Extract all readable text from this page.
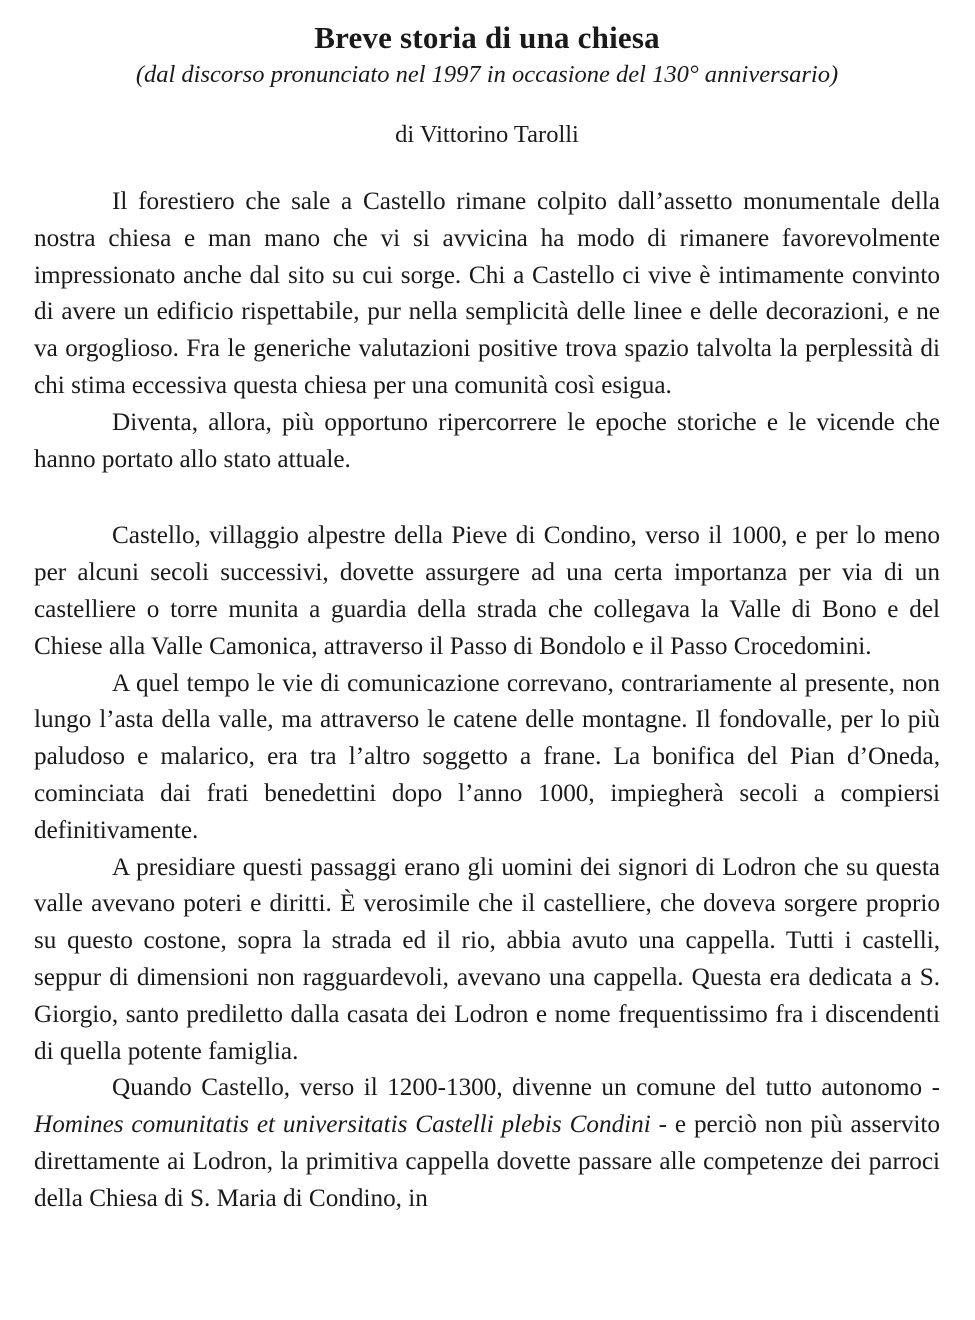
Breve storia di una chiesa

(dal discorso pronunciato nel 1997 in occasione del 130° anniversario)

di Vittorino Tarolli

Il forestiero che sale a Castello rimane colpito dall’assetto monumentale della nostra chiesa e man mano che vi si avvicina ha modo di rimanere favorevolmente impressionato anche dal sito su cui sorge. Chi a Castello ci vive è intimamente convinto di avere un edificio rispettabile, pur nella semplicità delle linee e delle decorazioni, e ne va orgoglioso. Fra le generiche valutazioni positive trova spazio talvolta la perplessità di chi stima eccessiva questa chiesa per una comunità così esigua.

Diventa, allora, più opportuno ripercorrere le epoche storiche e le vicende che hanno portato allo stato attuale.

Castello, villaggio alpestre della Pieve di Condino, verso il 1000, e per lo meno per alcuni secoli successivi, dovette assurgere ad una certa importanza per via di un castelliere o torre munita a guardia della strada che collegava la Valle di Bono e del Chiese alla Valle Camonica, attraverso il Passo di Bondolo e il Passo Crocedomini.

A quel tempo le vie di comunicazione correvano, contrariamente al presente, non lungo l’asta della valle, ma attraverso le catene delle montagne. Il fondovalle, per lo più paludoso e malarico, era tra l’altro soggetto a frane. La bonifica del Pian d’Oneda, cominciata dai frati benedettini dopo l’anno 1000, impiegherà secoli a compiersi definitivamente.

A presidiare questi passaggi erano gli uomini dei signori di Lodron che su questa valle avevano poteri e diritti. È verosimile che il castelliere, che doveva sorgere proprio su questo costone, sopra la strada ed il rio, abbia avuto una cappella. Tutti i castelli, seppur di dimensioni non ragguardevoli, avevano una cappella. Questa era dedicata a S. Giorgio, santo prediletto dalla casata dei Lodron e nome frequentissimo fra i discendenti di quella potente famiglia.

Quando Castello, verso il 1200-1300, divenne un comune del tutto autonomo - Homines comunitatis et universitatis Castelli plebis Condini - e perciò non più asservito direttamente ai Lodron, la primitiva cappella dovette passare alle competenze dei parroci della Chiesa di S. Maria di Condino, in
